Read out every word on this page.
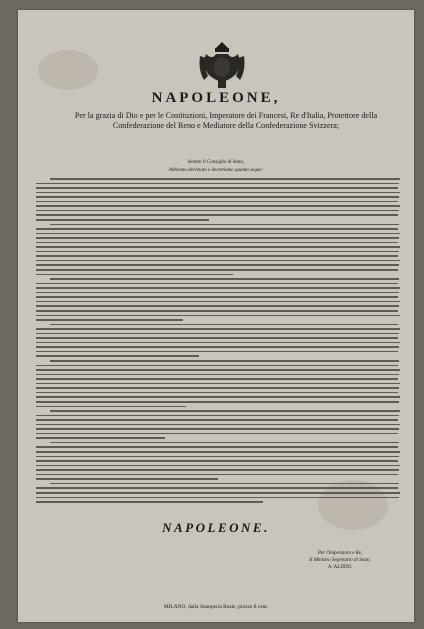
NAPOLEONE,
Per la grazia di Dio e per le Costituzioni, Imperatore dei Francesi, Re d'Italia, Protettore della Confederazione del Reno e Mediatore della Confederazione Svizzera;
Sentito il Consiglio di Stato,
Abbiamo decretato e decretiamo quanto segue:
NAPOLEONE.
Per l'Imperatore e Re,
Il Ministro Segretario di Stato,
A. ALDINI.
MILANO, dalla Stamperia Reale, prezzo 8 cent.
